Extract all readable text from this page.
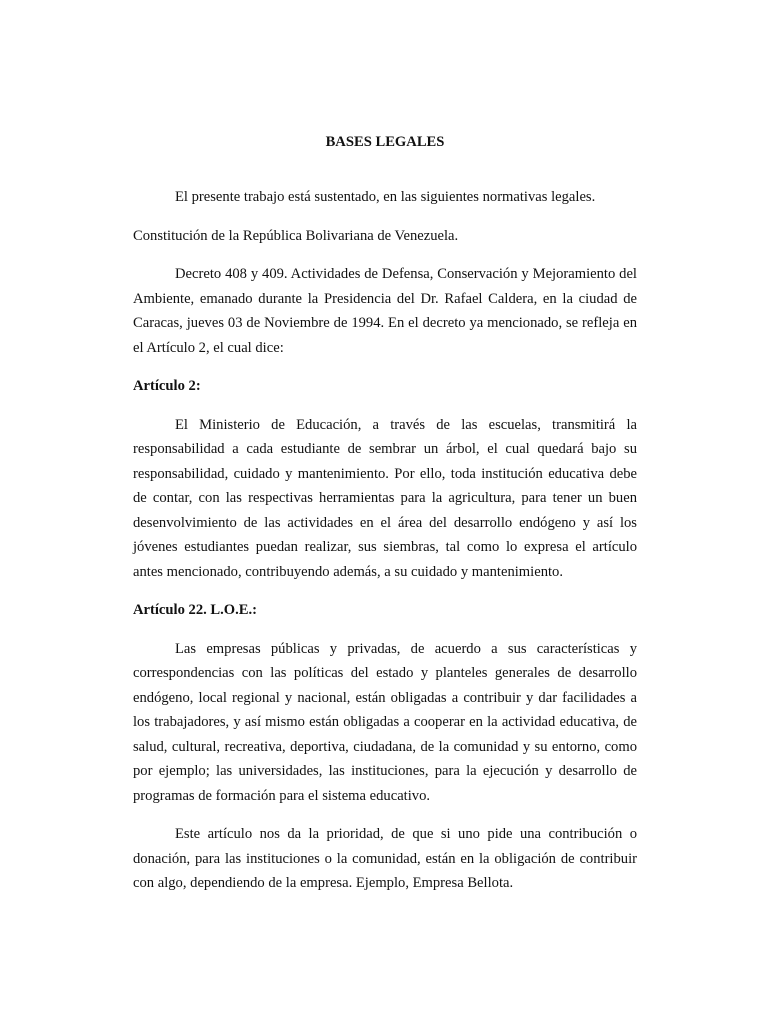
BASES LEGALES

El presente trabajo está sustentado, en las siguientes normativas legales.

Constitución de la República Bolivariana de Venezuela.

Decreto 408 y 409. Actividades de Defensa, Conservación y Mejoramiento del Ambiente, emanado durante la Presidencia del Dr. Rafael Caldera, en la ciudad de Caracas, jueves 03 de Noviembre de 1994. En el decreto ya mencionado, se refleja en el Artículo 2, el cual dice:

Artículo 2:

El Ministerio de Educación, a través de las escuelas, transmitirá la responsabilidad a cada estudiante de sembrar un árbol, el cual quedará bajo su responsabilidad, cuidado y mantenimiento. Por ello, toda institución educativa debe de contar, con las respectivas herramientas para la agricultura, para tener un buen desenvolvimiento de las actividades en el área del desarrollo endógeno y así los jóvenes estudiantes puedan realizar, sus siembras, tal como lo expresa el artículo antes mencionado, contribuyendo además, a su cuidado y mantenimiento.

Artículo 22. L.O.E.:

Las empresas públicas y privadas, de acuerdo a sus características y correspondencias con las políticas del estado y planteles generales de desarrollo endógeno, local regional y nacional, están obligadas a contribuir y dar facilidades a los trabajadores, y así mismo están obligadas a cooperar en la actividad educativa, de salud, cultural, recreativa, deportiva, ciudadana, de la comunidad y su entorno, como por ejemplo; las universidades, las instituciones, para la ejecución y desarrollo de programas de formación para el sistema educativo.

Este artículo nos da la prioridad, de que si uno pide una contribución o donación, para las instituciones o la comunidad, están en la obligación de contribuir con algo, dependiendo de la empresa. Ejemplo, Empresa Bellota.
